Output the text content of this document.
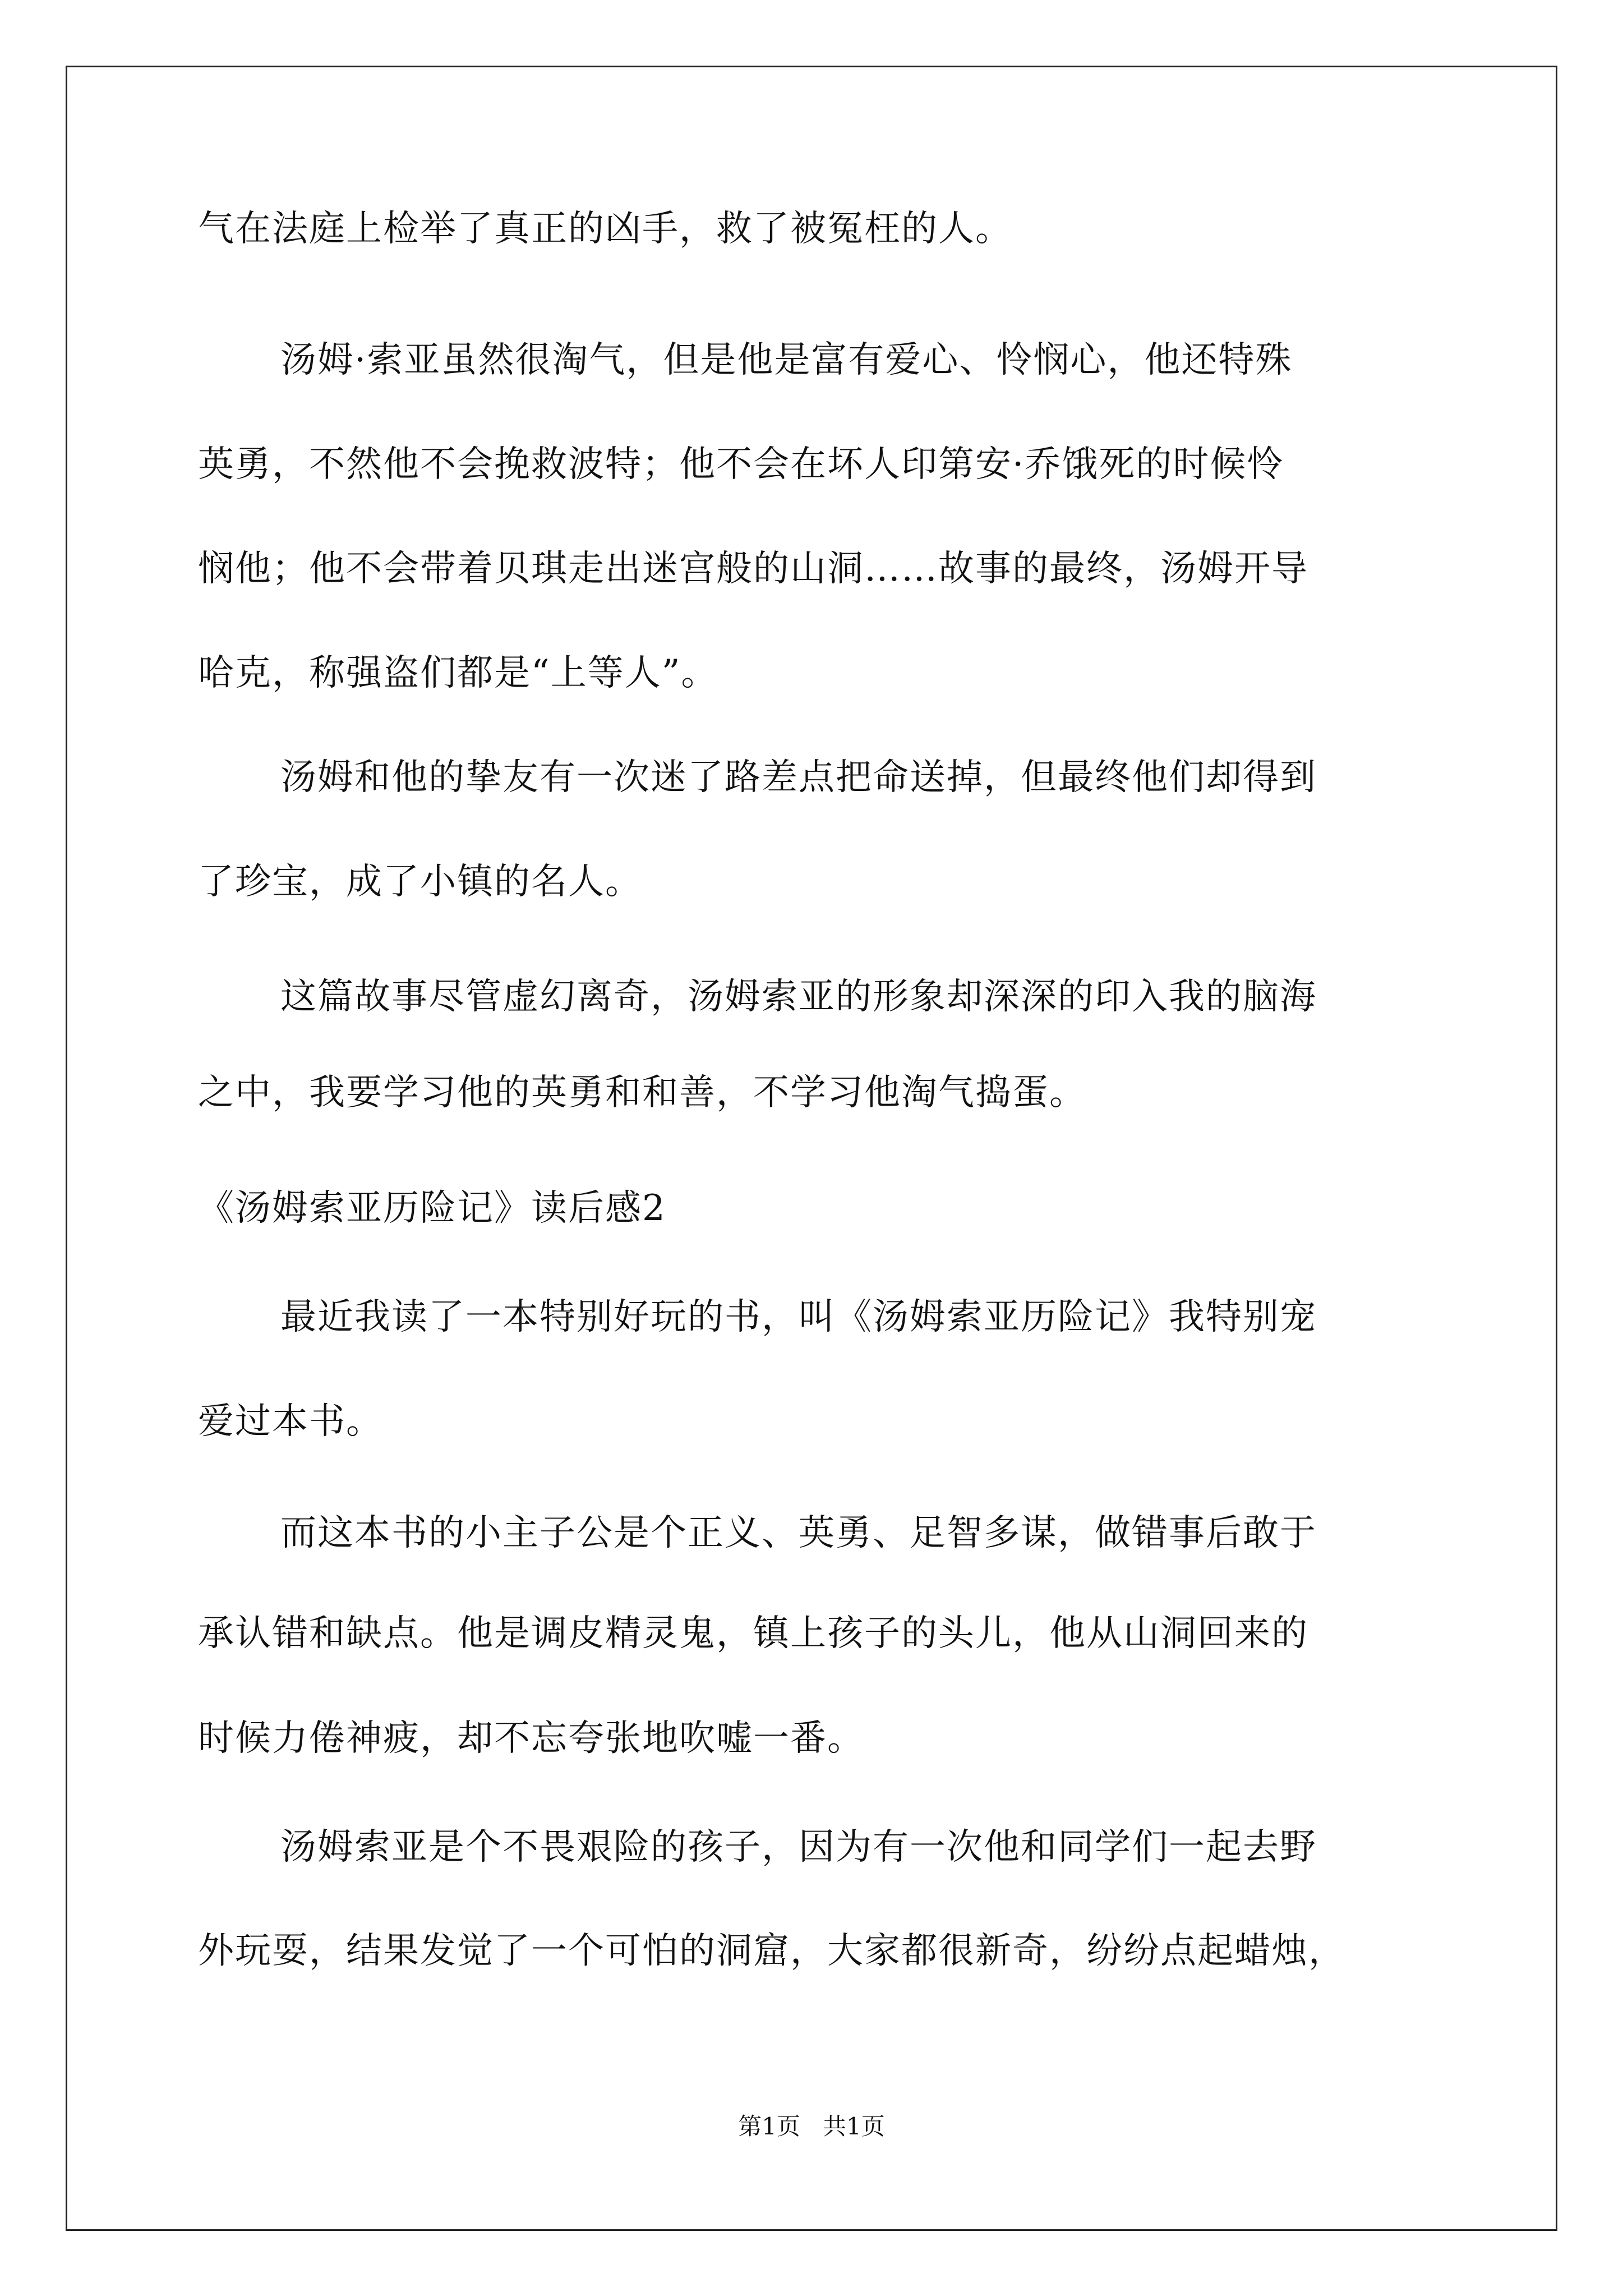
气在法庭上检举了真正的凶手，救了被冤枉的人。
汤姆·索亚虽然很淘气，但是他是富有爱心、怜悯心，他还特殊
英勇，不然他不会挽救波特；他不会在坏人印第安·乔饿死的时候怜
悯他；他不会带着贝琪走出迷宫般的山洞……故事的最终，汤姆开导
哈克，称强盗们都是“上等人”。
汤姆和他的挚友有一次迷了路差点把命送掉，但最终他们却得到
了珍宝，成了小镇的名人。
这篇故事尽管虚幻离奇，汤姆索亚的形象却深深的印入我的脑海
之中，我要学习他的英勇和和善，不学习他淘气捣蛋。
《汤姆索亚历险记》读后感2
最近我读了一本特别好玩的书，叫《汤姆索亚历险记》我特别宠
爱过本书。
而这本书的小主子公是个正义、英勇、足智多谋，做错事后敢于
承认错和缺点。他是调皮精灵鬼，镇上孩子的头儿，他从山洞回来的
时候力倦神疲，却不忘夸张地吹嘘一番。
汤姆索亚是个不畏艰险的孩子，因为有一次他和同学们一起去野
外玩耍，结果发觉了一个可怕的洞窟，大家都很新奇，纷纷点起蜡烛，
第1页 共1页
